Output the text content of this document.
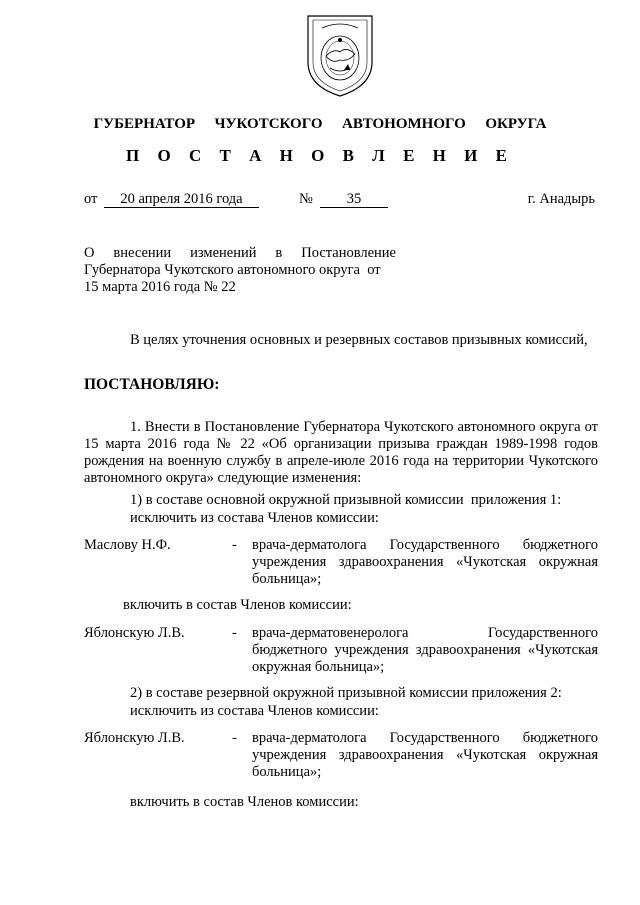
ГУБЕРНАТОР  ЧУКОТСКОГО  АВТОНОМНОГО  ОКРУГА
П О С Т А Н О В Л Е Н И Е
от	20 апреля 2016 года	№	35	г. Анадырь
О внесении изменений в Постановление
Губернатора Чукотского автономного округа  от
15 марта 2016 года № 22
В целях уточнения основных и резервных составов призывных комиссий,
ПОСТАНОВЛЯЮ:
1. Внести в Постановление Губернатора Чукотского автономного округа от 15 марта 2016 года № 22 «Об организации призыва граждан 1989-1998 годов рождения на военную службу в апреле-июле 2016 года на территории Чукотского автономного округа» следующие изменения:
1) в составе основной окружной призывной комиссии  приложения 1:
исключить из состава Членов комиссии:
Маслову Н.Ф.	- врача-дерматолога Государственного бюджетного учреждения здравоохранения «Чукотская окружная больница»;
включить в состав Членов комиссии:
Яблонскую Л.В.	- врача-дерматовенеролога Государственного бюджетного учреждения здравоохранения «Чукотская окружная больница»;
2) в составе резервной окружной призывной комиссии приложения 2:
исключить из состава Членов комиссии:
Яблонскую Л.В.	- врача-дерматолога Государственного бюджетного учреждения здравоохранения «Чукотская окружная больница»;
включить в состав Членов комиссии:
